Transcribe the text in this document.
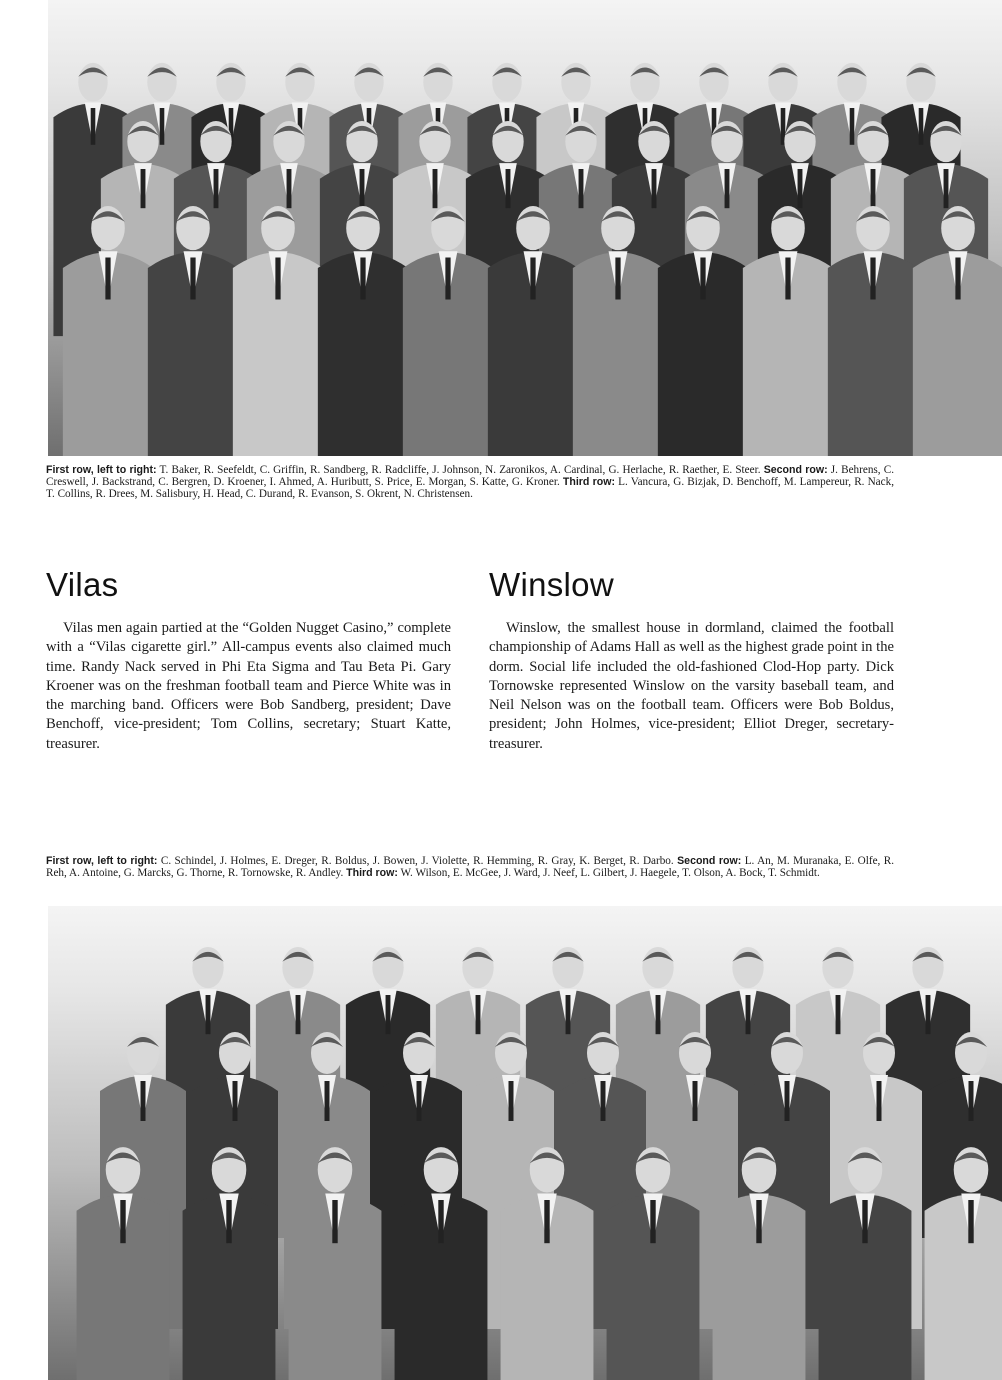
First row, left to right: T. Baker, R. Seefeldt, C. Griffin, R. Sandberg, R. Radcliffe, J. Johnson, N. Zaronikos, A. Cardinal, G. Herlache, R. Raether, E. Steer. Second row: J. Behrens, C. Creswell, J. Backstrand, C. Bergren, D. Kroener, I. Ahmed, A. Huributt, S. Price, E. Morgan, S. Katte, G. Kroner. Third row: L. Vancura, G. Bizjak, D. Benchoff, M. Lampereur, R. Nack, T. Collins, R. Drees, M. Salisbury, H. Head, C. Durand, R. Evanson, S. Okrent, N. Christensen.
Vilas	Winslow

Vilas men again partied at the “Golden Nugget Casino,” complete with a “Vilas cigarette girl.” All-campus events also claimed much time. Randy Nack served in Phi Eta Sigma and Tau Beta Pi. Gary Kroener was on the freshman football team and Pierce White was in the marching band. Officers were Bob Sandberg, president; Dave Benchoff, vice-president; Tom Collins, secretary; Stuart Katte, treasurer.

Winslow, the smallest house in dormland, claimed the football championship of Adams Hall as well as the highest grade point in the dorm. Social life included the old-fashioned Clod-Hop party. Dick Tornowske represented Winslow on the varsity baseball team, and Neil Nelson was on the football team. Officers were Bob Boldus, president; John Holmes, vice-president; Elliot Dreger, secretary-treasurer.

First row, left to right: C. Schindel, J. Holmes, E. Dreger, R. Boldus, J. Bowen, J. Violette, R. Hemming, R. Gray, K. Berget, R. Darbo. Second row: L. An, M. Muranaka, E. Olfe, R. Reh, A. Antoine, G. Marcks, G. Thorne, R. Tornowske, R. Andley. Third row: W. Wilson, E. McGee, J. Ward, J. Neef, L. Gilbert, J. Haegele, T. Olson, A. Bock, T. Schmidt.
